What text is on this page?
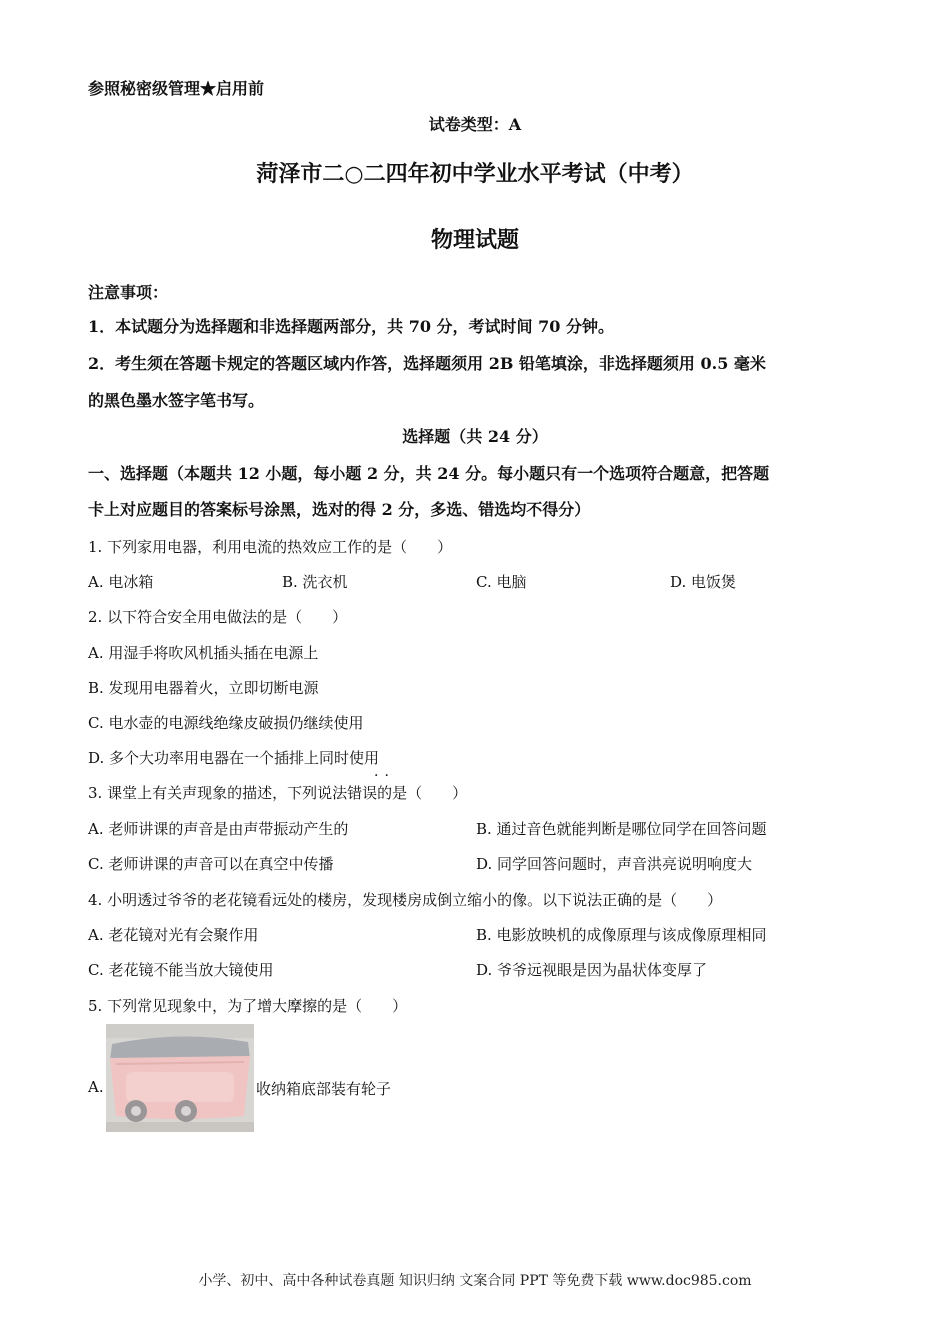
参照秘密级管理★启用前
试卷类型：A
菏泽市二○二四年初中学业水平考试（中考）
物理试题
注意事项：
1．本试题分为选择题和非选择题两部分，共 70 分，考试时间 70 分钟。
2．考生须在答题卡规定的答题区域内作答，选择题须用 2B 铅笔填涂，非选择题须用 0.5 毫米
的黑色墨水签字笔书写。
选择题（共 24 分）
一、选择题（本题共 12 小题，每小题 2 分，共 24 分。每小题只有一个选项符合题意，把答题
卡上对应题目的答案标号涂黑，选对的得 2 分，多选、错选均不得分）
1. 下列家用电器，利用电流的热效应工作的是（　　）
A. 电冰箱	B. 洗衣机	C. 电脑	D. 电饭煲
2. 以下符合安全用电做法的是（　　）
A. 用湿手将吹风机插头插在电源上
B. 发现用电器着火，立即切断电源
C. 电水壶的电源线绝缘皮破损仍继续使用
D. 多个大功率用电器在一个插排上同时使用
··
3. 课堂上有关声现象的描述，下列说法错误的是（　　）
A. 老师讲课的声音是由声带振动产生的	B. 通过音色就能判断是哪位同学在回答问题
C. 老师讲课的声音可以在真空中传播	D. 同学回答问题时，声音洪亮说明响度大
4. 小明透过爷爷的老花镜看远处的楼房，发现楼房成倒立缩小的像。以下说法正确的是（　　）
A. 老花镜对光有会聚作用	B. 电影放映机的成像原理与该成像原理相同
C. 老花镜不能当放大镜使用	D. 爷爷远视眼是因为晶状体变厚了
5. 下列常见现象中，为了增大摩擦的是（　　）
A.	收纳箱底部装有轮子
小学、初中、高中各种试卷真题 知识归纳 文案合同 PPT 等免费下载 www.doc985.com
